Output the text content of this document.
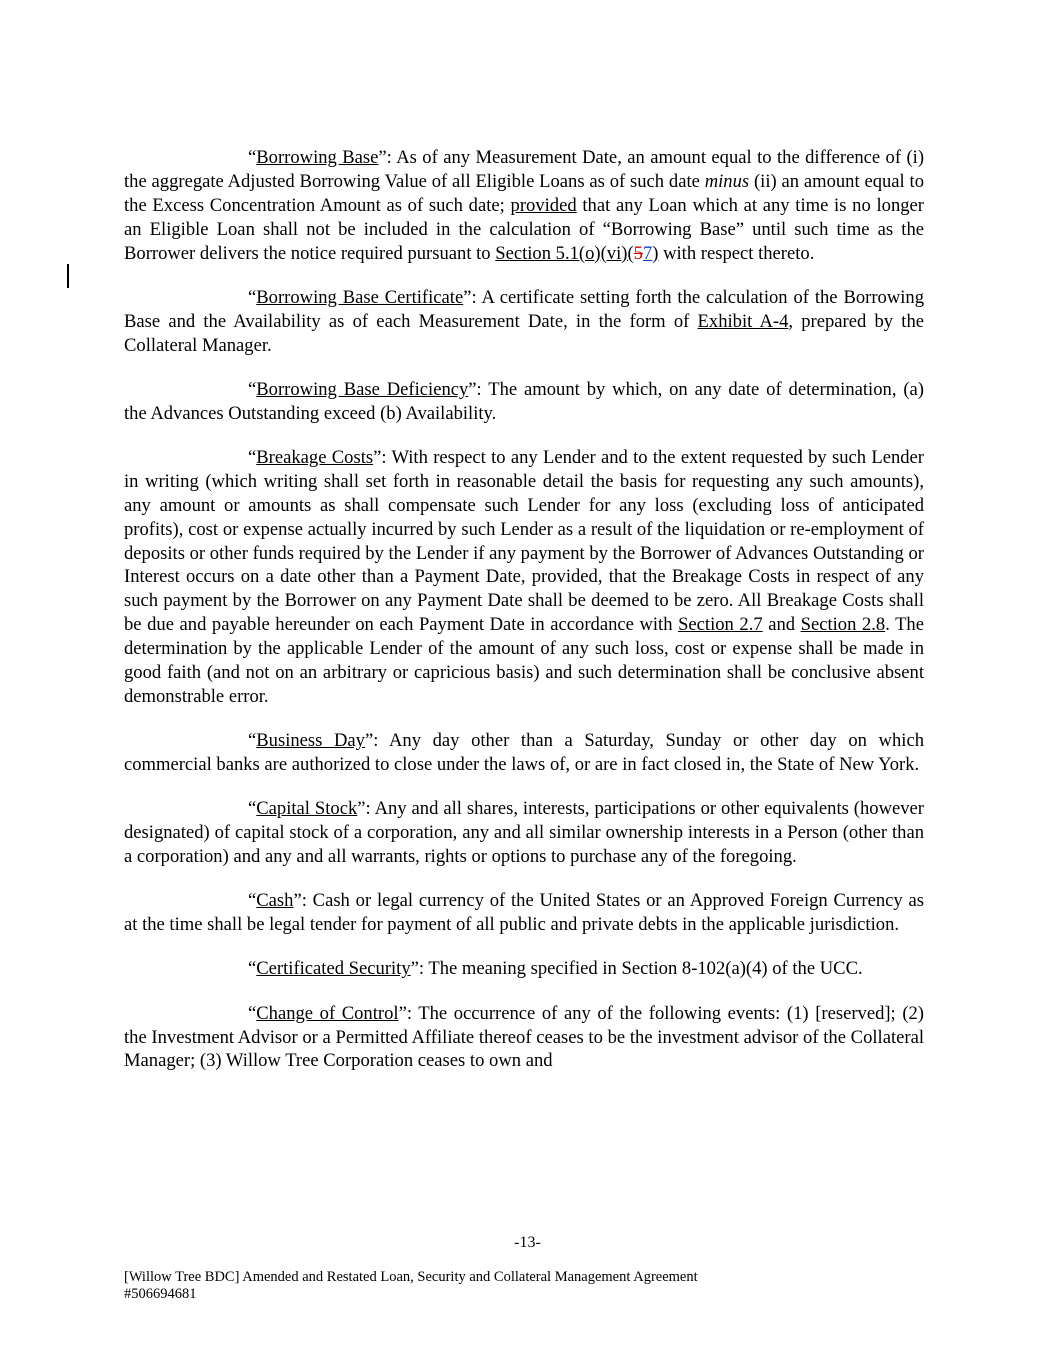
“Borrowing Base”: As of any Measurement Date, an amount equal to the difference of (i) the aggregate Adjusted Borrowing Value of all Eligible Loans as of such date minus (ii) an amount equal to the Excess Concentration Amount as of such date; provided that any Loan which at any time is no longer an Eligible Loan shall not be included in the calculation of “Borrowing Base” until such time as the Borrower delivers the notice required pursuant to Section 5.1(o)(vi)(57) with respect thereto.

“Borrowing Base Certificate”: A certificate setting forth the calculation of the Borrowing Base and the Availability as of each Measurement Date, in the form of Exhibit A-4, prepared by the Collateral Manager.

“Borrowing Base Deficiency”: The amount by which, on any date of determination, (a) the Advances Outstanding exceed (b) Availability.

“Breakage Costs”: With respect to any Lender and to the extent requested by such Lender in writing (which writing shall set forth in reasonable detail the basis for requesting any such amounts), any amount or amounts as shall compensate such Lender for any loss (excluding loss of anticipated profits), cost or expense actually incurred by such Lender as a result of the liquidation or re-employment of deposits or other funds required by the Lender if any payment by the Borrower of Advances Outstanding or Interest occurs on a date other than a Payment Date, provided, that the Breakage Costs in respect of any such payment by the Borrower on any Payment Date shall be deemed to be zero. All Breakage Costs shall be due and payable hereunder on each Payment Date in accordance with Section 2.7 and Section 2.8. The determination by the applicable Lender of the amount of any such loss, cost or expense shall be made in good faith (and not on an arbitrary or capricious basis) and such determination shall be conclusive absent demonstrable error.

“Business Day”: Any day other than a Saturday, Sunday or other day on which commercial banks are authorized to close under the laws of, or are in fact closed in, the State of New York.

“Capital Stock”: Any and all shares, interests, participations or other equivalents (however designated) of capital stock of a corporation, any and all similar ownership interests in a Person (other than a corporation) and any and all warrants, rights or options to purchase any of the foregoing.

“Cash”: Cash or legal currency of the United States or an Approved Foreign Currency as at the time shall be legal tender for payment of all public and private debts in the applicable jurisdiction.

“Certificated Security”: The meaning specified in Section 8-102(a)(4) of the UCC.

“Change of Control”: The occurrence of any of the following events: (1) [reserved]; (2) the Investment Advisor or a Permitted Affiliate thereof ceases to be the investment advisor of the Collateral Manager; (3) Willow Tree Corporation ceases to own and

-13-
[Willow Tree BDC] Amended and Restated Loan, Security and Collateral Management Agreement
#506694681
